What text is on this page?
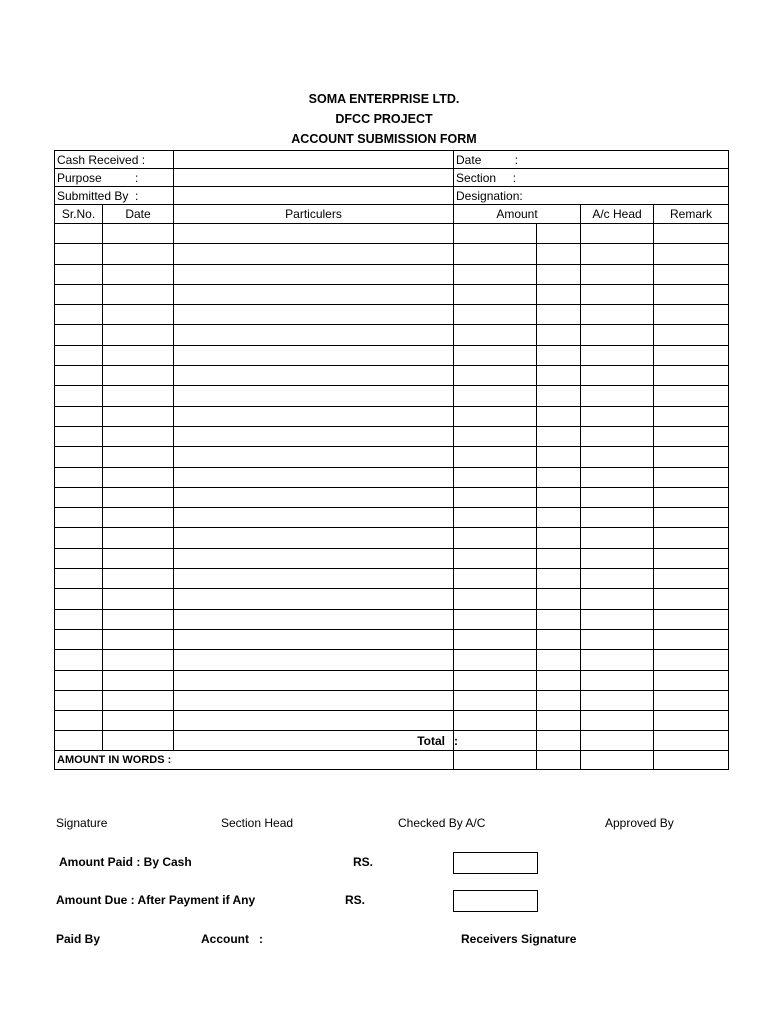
SOMA ENTERPRISE LTD.
DFCC PROJECT
ACCOUNT SUBMISSION FORM
Cash Received :			Date          :			
Purpose          :			Section     :			
Submitted By  :			Designation:			
Sr.No.	Date	Particulers	Amount		A/c Head	Remark

		Total	:			
AMOUNT IN WORDS :						
Signature	Section Head	Checked By A/C	Approved By
Amount Paid : By Cash	RS.
Amount Due : After Payment if Any	RS.
Paid By	Account   :	Receivers Signature
